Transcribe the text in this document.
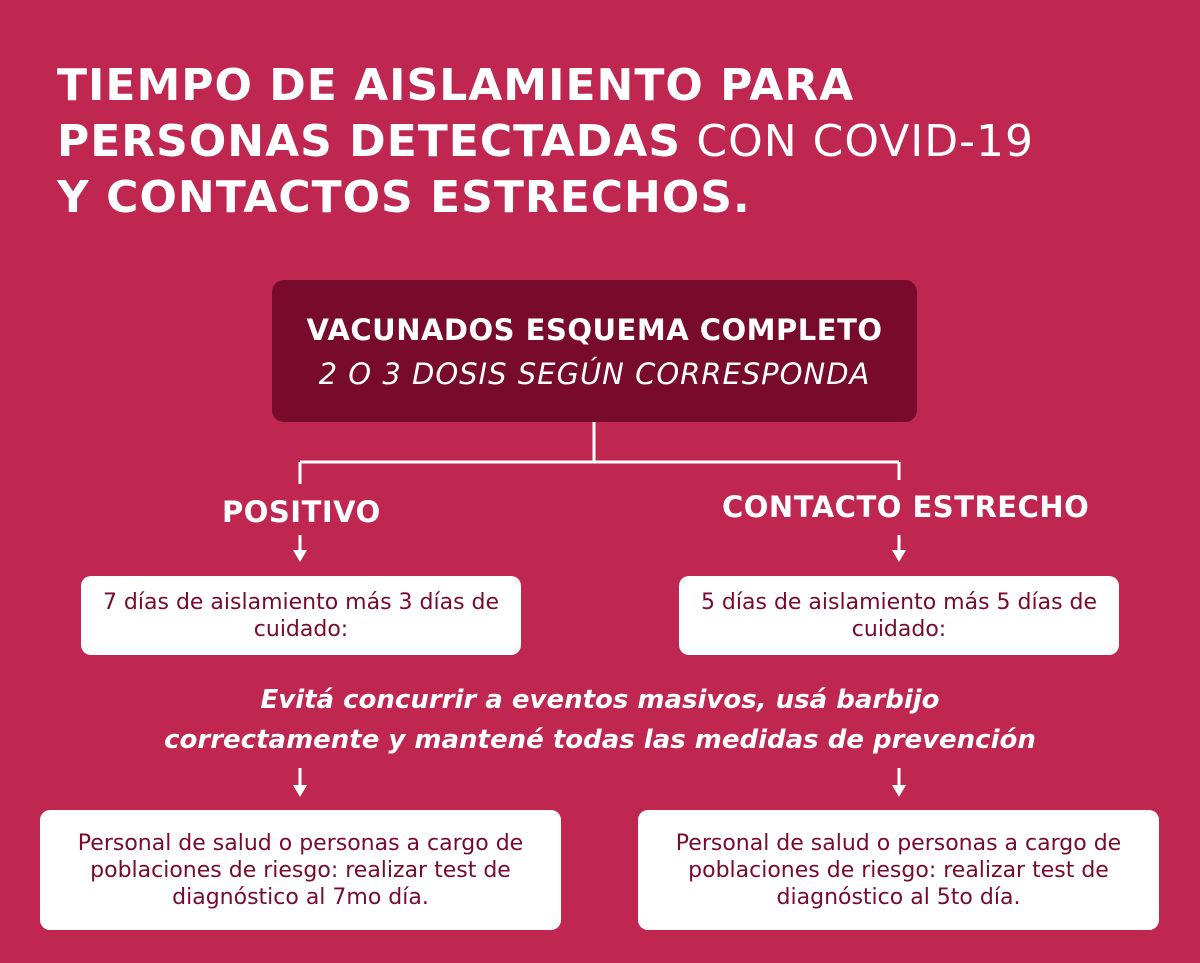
TIEMPO DE AISLAMIENTO PARA
PERSONAS DETECTADAS CON COVID-19
Y CONTACTOS ESTRECHOS.
VACUNADOS ESQUEMA COMPLETO
2 O 3 DOSIS SEGÚN CORRESPONDA
POSITIVO	CONTACTO ESTRECHO
7 días de aislamiento más 3 días de cuidado:
5 días de aislamiento más 5 días de cuidado:
Evitá concurrir a eventos masivos, usá barbijo
correctamente y mantené todas las medidas de prevención
Personal de salud o personas a cargo de poblaciones de riesgo: realizar test de diagnóstico al 7mo día.
Personal de salud o personas a cargo de poblaciones de riesgo: realizar test de diagnóstico al 5to día.
